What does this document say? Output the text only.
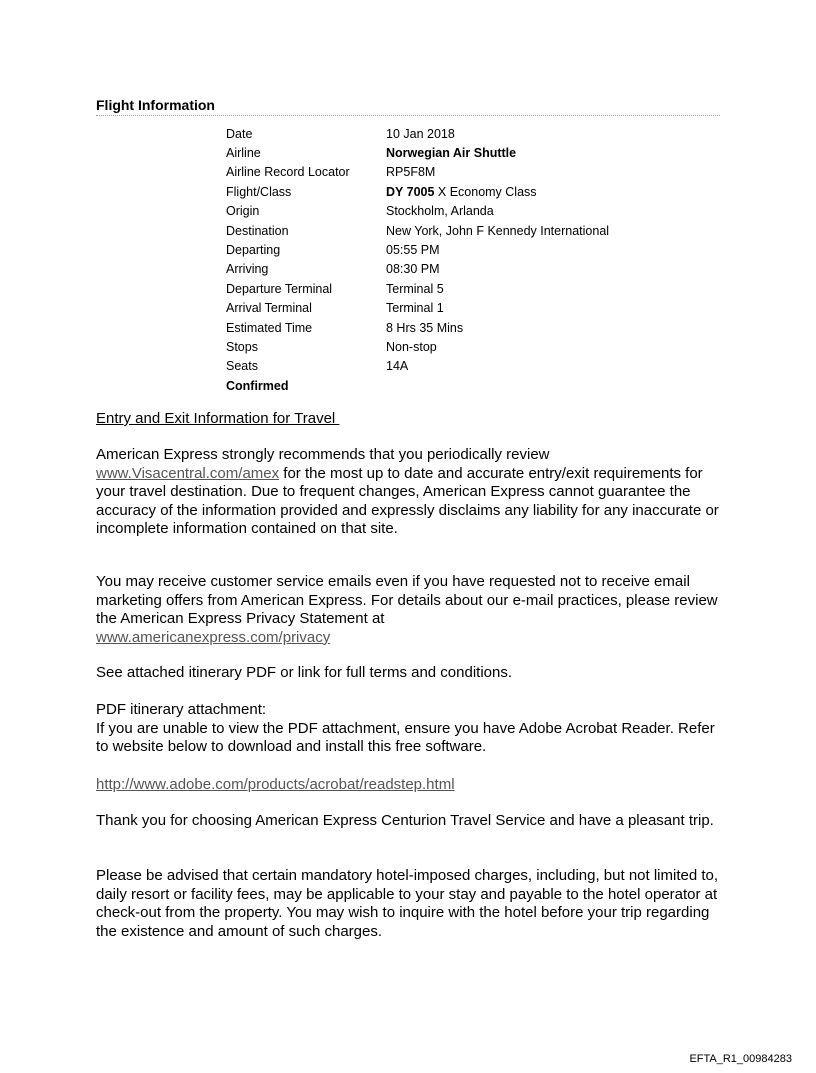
Flight Information
Date	10 Jan 2018
Airline	Norwegian Air Shuttle
Airline Record Locator	RP5F8M
Flight/Class	DY 7005 X Economy Class
Origin	Stockholm, Arlanda
Destination	New York, John F Kennedy International
Departing	05:55 PM
Arriving	08:30 PM
Departure Terminal	Terminal 5
Arrival Terminal	Terminal 1
Estimated Time	8 Hrs 35 Mins
Stops	Non-stop
Seats	14A
Confirmed

Entry and Exit Information for Travel

American Express strongly recommends that you periodically review
www.Visacentral.com/amex for the most up to date and accurate entry/exit requirements for your travel destination. Due to frequent changes, American Express cannot guarantee the accuracy of the information provided and expressly disclaims any liability for any inaccurate or incomplete information contained on that site.

You may receive customer service emails even if you have requested not to receive email marketing offers from American Express. For details about our e-mail practices, please review the American Express Privacy Statement at
www.americanexpress.com/privacy

See attached itinerary PDF or link for full terms and conditions.

PDF itinerary attachment:
If you are unable to view the PDF attachment, ensure you have Adobe Acrobat Reader. Refer to website below to download and install this free software.

http://www.adobe.com/products/acrobat/readstep.html

Thank you for choosing American Express Centurion Travel Service and have a pleasant trip.

Please be advised that certain mandatory hotel-imposed charges, including, but not limited to, daily resort or facility fees, may be applicable to your stay and payable to the hotel operator at check-out from the property. You may wish to inquire with the hotel before your trip regarding the existence and amount of such charges.

EFTA_R1_00984283
